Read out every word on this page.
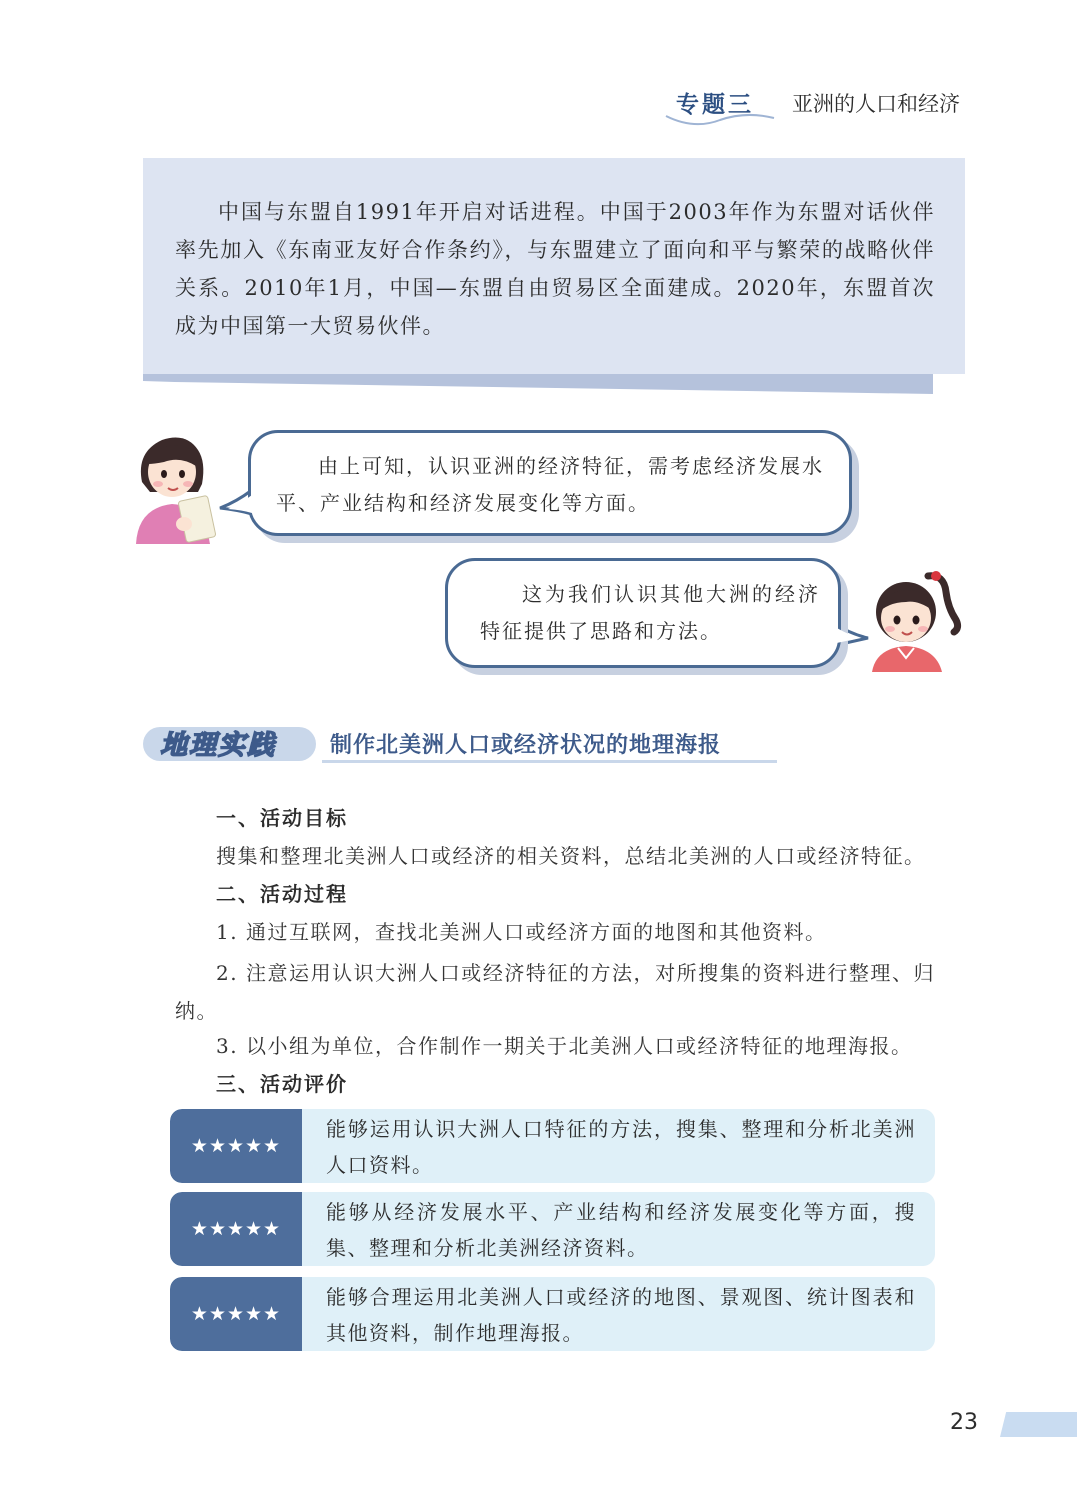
专题三 亚洲的人口和经济
中国与东盟自1991年开启对话进程。中国于2003年作为东盟对话伙伴率先加入《东南亚友好合作条约》，与东盟建立了面向和平与繁荣的战略伙伴关系。2010年1月，中国—东盟自由贸易区全面建成。2020年，东盟首次成为中国第一大贸易伙伴。
由上可知，认识亚洲的经济特征，需考虑经济发展水平、产业结构和经济发展变化等方面。
这为我们认识其他大洲的经济特征提供了思路和方法。
地理实践 制作北美洲人口或经济状况的地理海报
一、活动目标
搜集和整理北美洲人口或经济的相关资料，总结北美洲的人口或经济特征。
二、活动过程
1. 通过互联网，查找北美洲人口或经济方面的地图和其他资料。
2. 注意运用认识大洲人口或经济特征的方法，对所搜集的资料进行整理、归纳。
3. 以小组为单位，合作制作一期关于北美洲人口或经济特征的地理海报。
三、活动评价
★★★★★
能够运用认识大洲人口特征的方法，搜集、整理和分析北美洲人口资料。
★★★★★
能够从经济发展水平、产业结构和经济发展变化等方面，搜集、整理和分析北美洲经济资料。
★★★★★
能够合理运用北美洲人口或经济的地图、景观图、统计图表和其他资料，制作地理海报。
23
